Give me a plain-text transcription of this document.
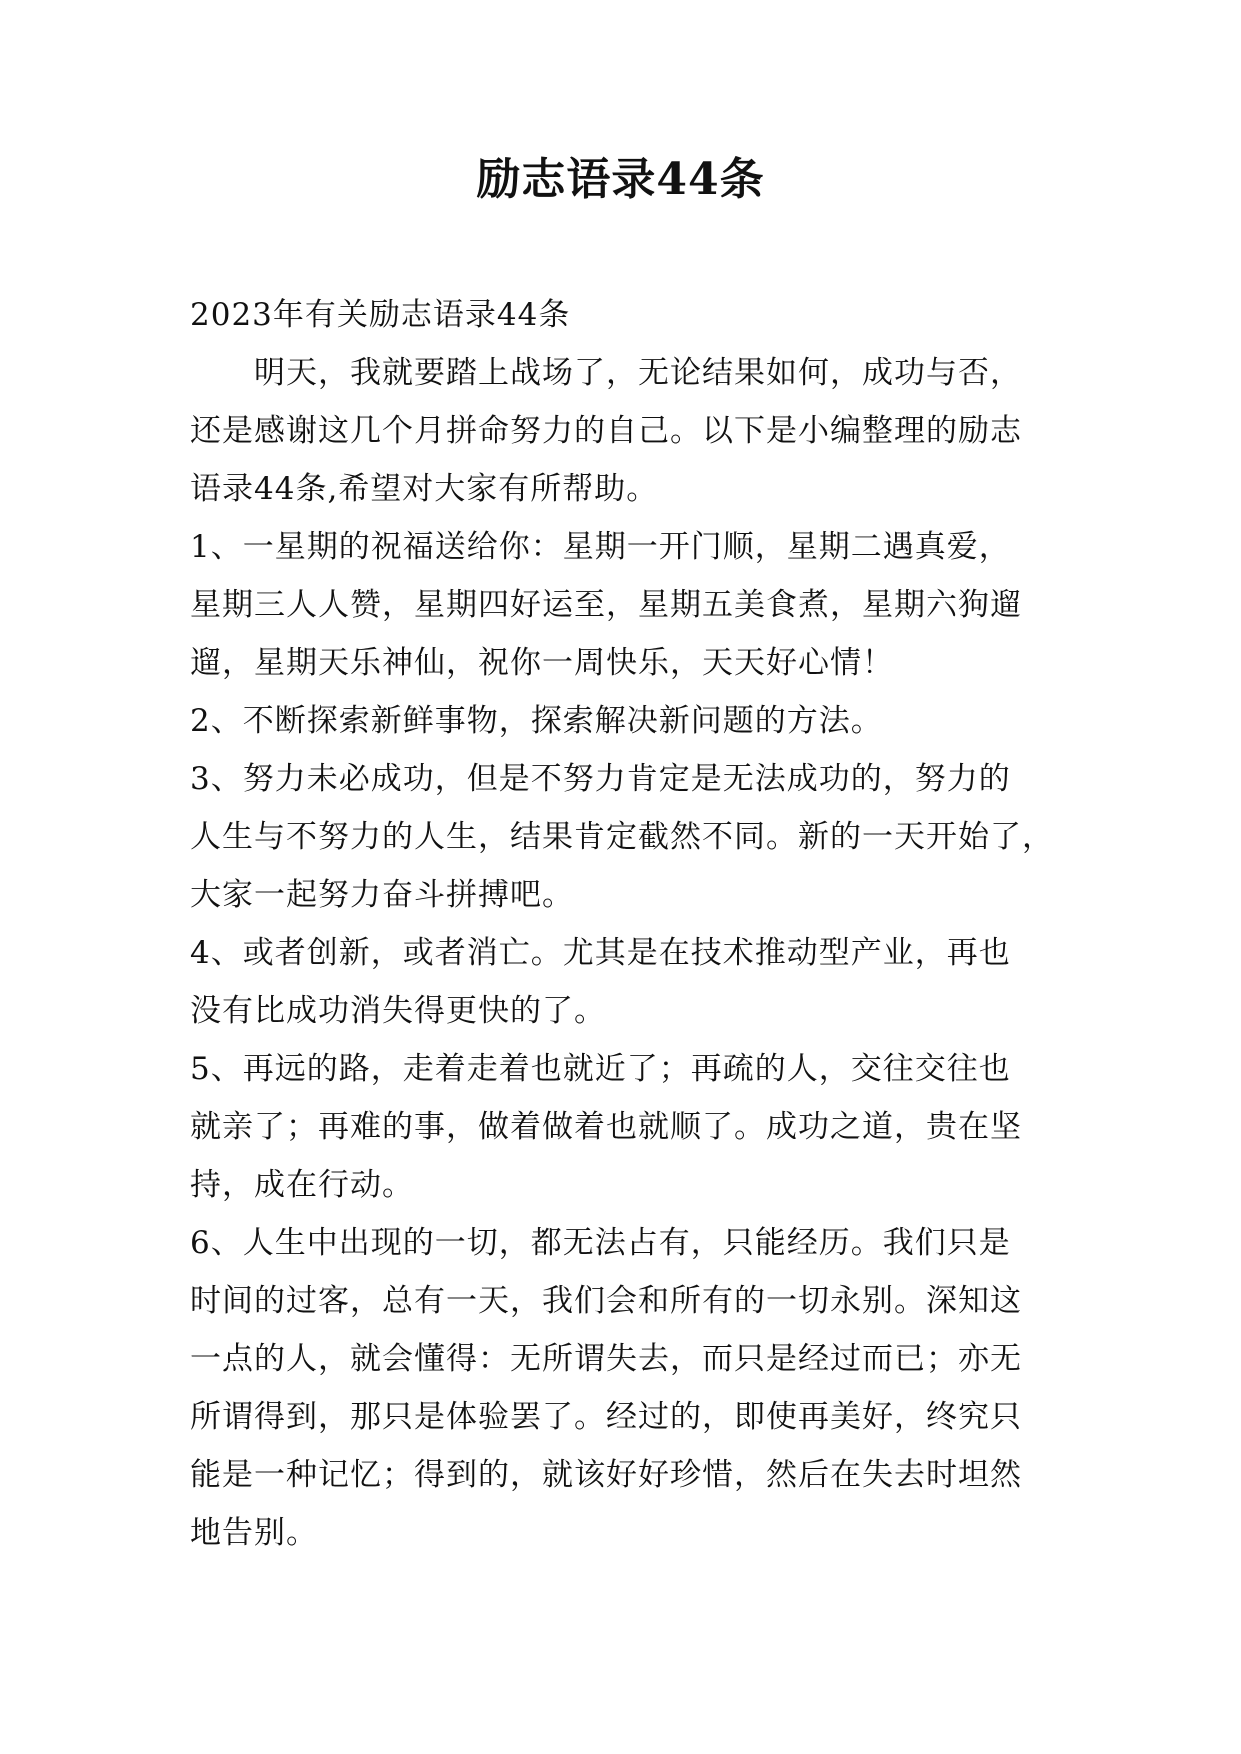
励志语录44条
2023年有关励志语录44条
明天，我就要踏上战场了，无论结果如何，成功与否，
还是感谢这几个月拼命努力的自己。以下是小编整理的励志
语录44条,希望对大家有所帮助。
1、一星期的祝福送给你：星期一开门顺，星期二遇真爱，
星期三人人赞，星期四好运至，星期五美食煮，星期六狗遛
遛，星期天乐神仙，祝你一周快乐，天天好心情！
2、不断探索新鲜事物，探索解决新问题的方法。
3、努力未必成功，但是不努力肯定是无法成功的，努力的
人生与不努力的人生，结果肯定截然不同。新的一天开始了，
大家一起努力奋斗拼搏吧。
4、或者创新，或者消亡。尤其是在技术推动型产业，再也
没有比成功消失得更快的了。
5、再远的路，走着走着也就近了；再疏的人，交往交往也
就亲了；再难的事，做着做着也就顺了。成功之道，贵在坚
持，成在行动。
6、人生中出现的一切，都无法占有，只能经历。我们只是
时间的过客，总有一天，我们会和所有的一切永别。深知这
一点的人，就会懂得：无所谓失去，而只是经过而已；亦无
所谓得到，那只是体验罢了。经过的，即使再美好，终究只
能是一种记忆；得到的，就该好好珍惜，然后在失去时坦然
地告别。
